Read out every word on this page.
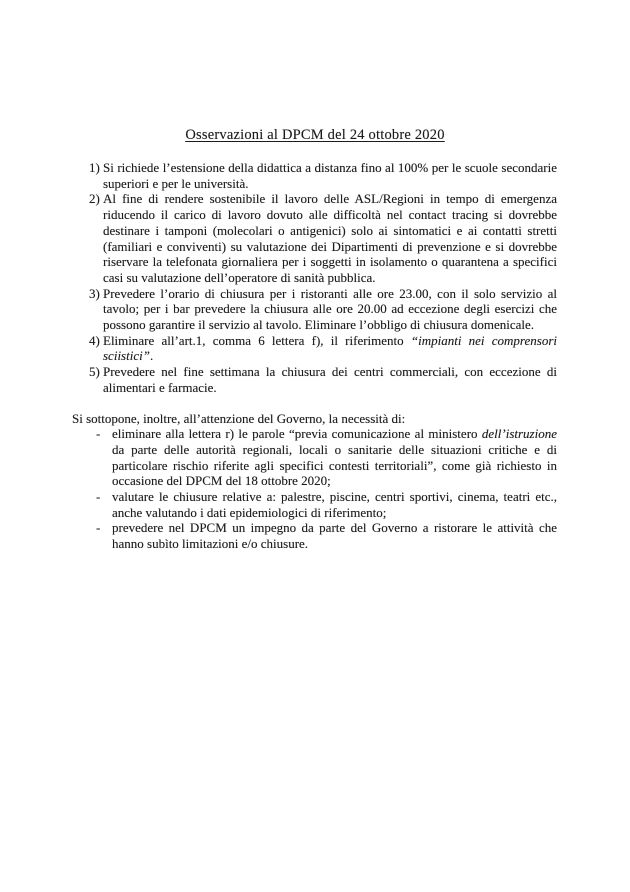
Osservazioni al DPCM del 24 ottobre 2020
1) Si richiede l’estensione della didattica a distanza fino al 100% per le scuole secondarie superiori e per le università.
2) Al fine di rendere sostenibile il lavoro delle ASL/Regioni in tempo di emergenza riducendo il carico di lavoro dovuto alle difficoltà nel contact tracing si dovrebbe destinare i tamponi (molecolari o antigenici) solo ai sintomatici e ai contatti stretti (familiari e conviventi) su valutazione dei Dipartimenti di prevenzione e si dovrebbe riservare la telefonata giornaliera per i soggetti in isolamento o quarantena a specifici casi su valutazione dell’operatore di sanità pubblica.
3) Prevedere l’orario di chiusura per i ristoranti alle ore 23.00, con il solo servizio al tavolo; per i bar prevedere la chiusura alle ore 20.00 ad eccezione degli esercizi che possono garantire il servizio al tavolo. Eliminare l’obbligo di chiusura domenicale.
4) Eliminare all’art.1, comma 6 lettera f), il riferimento “impianti nei comprensori sciistici”.
5) Prevedere nel fine settimana la chiusura dei centri commerciali, con eccezione di alimentari e farmacie.

Si sottopone, inoltre, all’attenzione del Governo, la necessità di:

- eliminare alla lettera r) le parole “previa comunicazione al ministero dell’istruzione da parte delle autorità regionali, locali o sanitarie delle situazioni critiche e di particolare rischio riferite agli specifici contesti territoriali”, come già richiesto in occasione del DPCM del 18 ottobre 2020;
- valutare le chiusure relative a: palestre, piscine, centri sportivi, cinema, teatri etc., anche valutando i dati epidemiologici di riferimento;
- prevedere nel DPCM un impegno da parte del Governo a ristorare le attività che hanno subìto limitazioni e/o chiusure.
